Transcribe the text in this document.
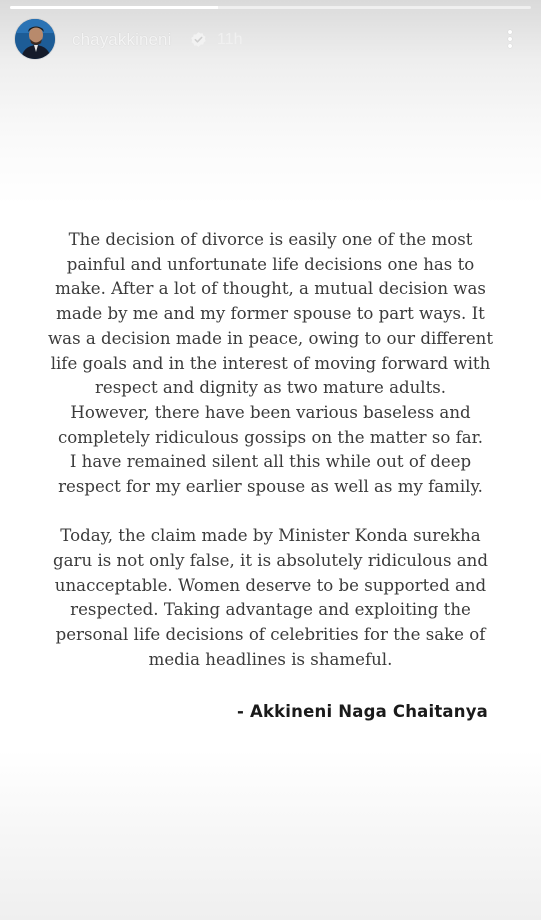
chayakkineni	11h

The decision of divorce is easily one of the most
painful and unfortunate life decisions one has to
make. After a lot of thought, a mutual decision was
made by me and my former spouse to part ways. It
was a decision made in peace, owing to our different
life goals and in the interest of moving forward with
respect and dignity as two mature adults.
However, there have been various baseless and
completely ridiculous gossips on the matter so far.
I have remained silent all this while out of deep
respect for my earlier spouse as well as my family.

Today, the claim made by Minister Konda surekha
garu is not only false, it is absolutely ridiculous and
unacceptable. Women deserve to be supported and
respected. Taking advantage and exploiting the
personal life decisions of celebrities for the sake of
media headlines is shameful.

- Akkineni Naga Chaitanya
